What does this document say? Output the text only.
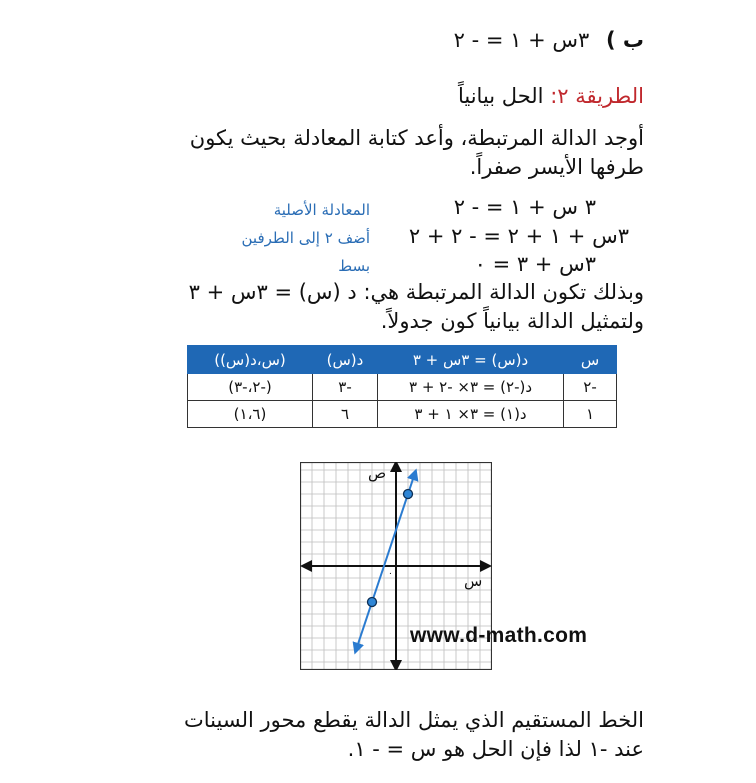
ب ) ٣س + ١ = - ٢
الطريقة ٢: الحل بيانياً
أوجد الدالة المرتبطة، وأعد كتابة المعادلة بحيث يكون
طرفها الأيسر صفراً.
٣ س + ١ = - ٢
المعادلة الأصلية
٣س + ١ + ٢ = - ٢ + ٢
أضف ٢ إلى الطرفين
٣س + ٣ = ٠
بسط
وبذلك تكون الدالة المرتبطة هي: د (س) = ٣س + ٣
ولتمثيل الدالة بيانياً كون جدولاً.
س	د(س) = ٣س + ٣	د(س)	(س،د(س))
-٢	د(-٢) = ٣× -٢ + ٣	-٣	(-٢،-٣)
١	د(١) = ٣× ١ + ٣	٦	(١،٦)
ص
س
٠
www.d-math.com
الخط المستقيم الذي يمثل الدالة يقطع محور السينات
عند -١ لذا فإن الحل هو س = - ١.
